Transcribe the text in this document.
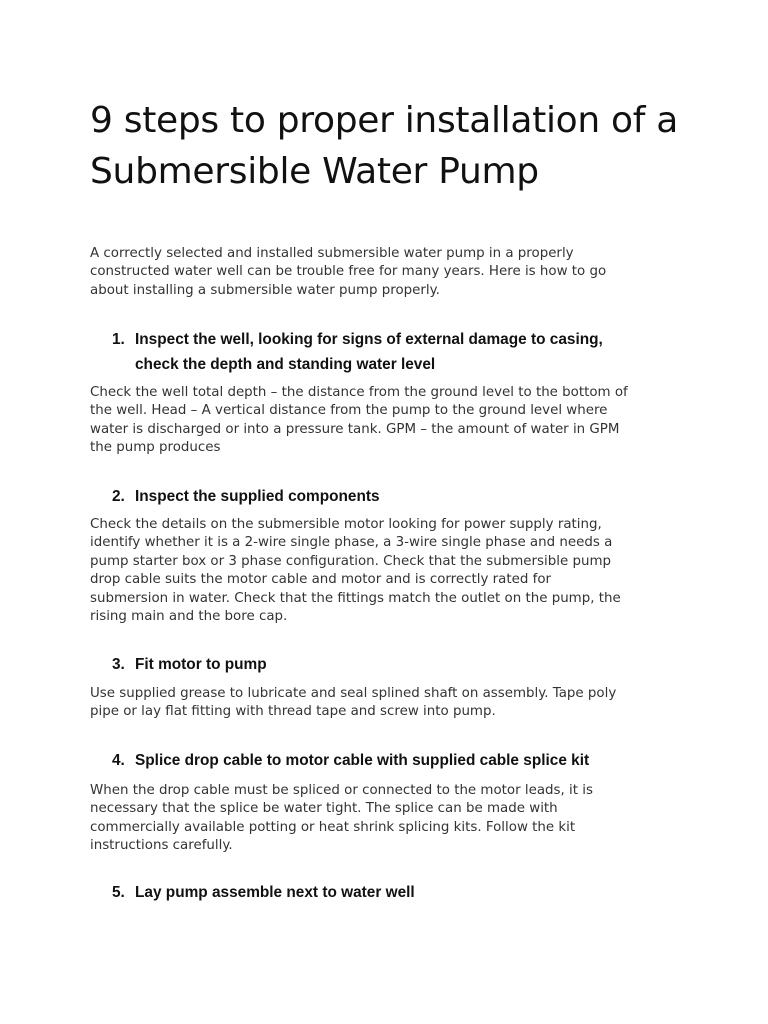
9 steps to proper installation of a
Submersible Water Pump

A correctly selected and installed submersible water pump in a properly
constructed water well can be trouble free for many years. Here is how to go
about installing a submersible water pump properly.

1. Inspect the well, looking for signs of external damage to casing,
check the depth and standing water level

Check the well total depth – the distance from the ground level to the bottom of
the well. Head – A vertical distance from the pump to the ground level where
water is discharged or into a pressure tank. GPM – the amount of water in GPM
the pump produces

2. Inspect the supplied components

Check the details on the submersible motor looking for power supply rating,
identify whether it is a 2-wire single phase, a 3-wire single phase and needs a
pump starter box or 3 phase configuration. Check that the submersible pump
drop cable suits the motor cable and motor and is correctly rated for
submersion in water. Check that the fittings match the outlet on the pump, the
rising main and the bore cap.

3. Fit motor to pump

Use supplied grease to lubricate and seal splined shaft on assembly. Tape poly
pipe or lay flat fitting with thread tape and screw into pump.

4. Splice drop cable to motor cable with supplied cable splice kit

When the drop cable must be spliced or connected to the motor leads, it is
necessary that the splice be water tight. The splice can be made with
commercially available potting or heat shrink splicing kits. Follow the kit
instructions carefully.

5. Lay pump assemble next to water well
